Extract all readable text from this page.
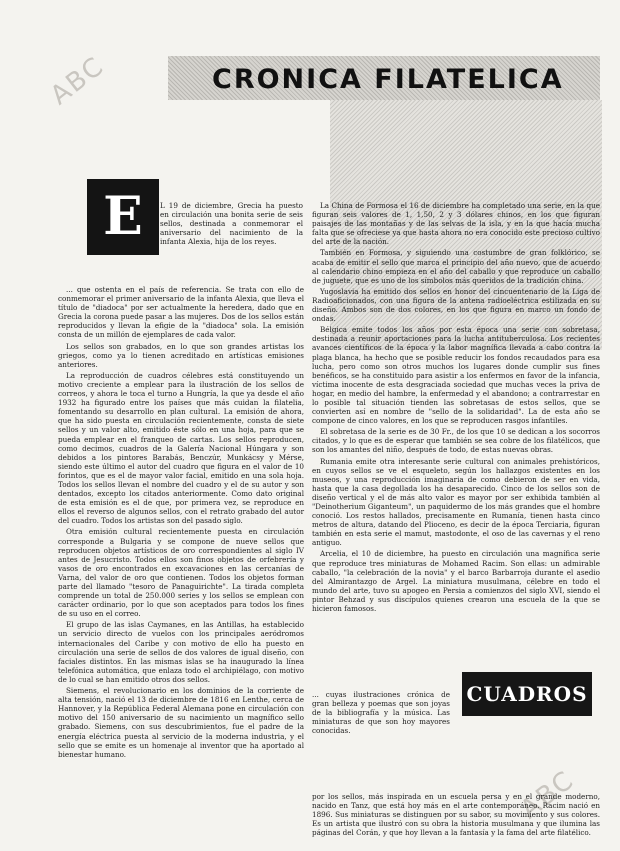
ABC
ABC
CRONICA FILATELICA
E	L 19 de diciembre, Grecia ha puesto en circulación una bonita serie de seis sellos, destinada a conmemorar el aniversario del nacimiento de la infanta Alexia, hija de los reyes.

... que ostenta en el país de referencia. Se trata con ello de conmemorar el primer aniversario de la infanta Alexia, que lleva el título de "diadoca" por ser actualmente la heredera, dado que en Grecia la corona puede pasar a las mujeres. Dos de los sellos están reproducidos y llevan la efigie de la "diadoca" sola. La emisión consta de un millón de ejemplares de cada valor.

Los sellos son grabados, en lo que son grandes artistas los griegos, como ya lo tienen acreditado en artísticas emisiones anteriores.

La reproducción de cuadros célebres está constituyendo un motivo creciente a emplear para la ilustración de los sellos de correos, y ahora le toca el turno a Hungría, la que ya desde el año 1932 ha figurado entre los países que más cuidan la filatelia, fomentando su desarrollo en plan cultural. La emisión de ahora, que ha sido puesta en circulación recientemente, consta de siete sellos y un valor alto, emitido éste sólo en una hoja, para que se pueda emplear en el franqueo de cartas. Los sellos reproducen, como decimos, cuadros de la Galería Nacional Húngara y son debidos a los pintores Barabás, Benczúr, Munkácsy y Mérse, siendo este último el autor del cuadro que figura en el valor de 10 forintos, que es el de mayor valor facial, emitido en una sola hoja. Todos los sellos llevan el nombre del cuadro y el de su autor y son dentados, excepto los citados anteriormente. Como dato original de esta emisión es el de que, por primera vez, se reproduce en ellos el reverso de algunos sellos, con el retrato grabado del autor del cuadro. Todos los artistas son del pasado siglo.

Otra emisión cultural recientemente puesta en circulación corresponde a Bulgaria y se compone de nueve sellos que reproducen objetos artísticos de oro correspondientes al siglo IV antes de Jesucristo. Todos ellos son finos objetos de orfebrería y vasos de oro encontrados en excavaciones en las cercanías de Varna, del valor de oro que contienen. Todos los objetos forman parte del llamado "tesoro de Panaguirichte". La tirada completa comprende un total de 250.000 series y los sellos se emplean con carácter ordinario, por lo que son aceptados para todos los fines de su uso en el correo.

El grupo de las islas Caymanes, en las Antillas, ha establecido un servicio directo de vuelos con los principales aeródromos internacionales del Caribe y con motivo de ello ha puesto en circulación una serie de sellos de dos valores de igual diseño, con faciales distintos. En las mismas islas se ha inaugurado la línea telefónica automática, que enlaza todo el archipiélago, con motivo de lo cual se han emitido otros dos sellos.

Siemens, el revolucionario en los dominios de la corriente de alta tensión, nació el 13 de diciembre de 1816 en Lenthe, cerca de Hannover, y la República Federal Alemana pone en circulación con motivo del 150 aniversario de su nacimiento un magnífico sello grabado. Siemens, con sus descubrimientos, fue el padre de la energía eléctrica puesta al servicio de la moderna industria, y el sello que se emite es un homenaje al inventor que ha aportado al bienestar humano.

La China de Formosa el 16 de diciembre ha completado una serie, en la que figuran seis valores de 1, 1,50, 2 y 3 dólares chinos, en los que figuran paisajes de las montañas y de las selvas de la isla, y en la que hacía mucha falta que se ofreciese ya que hasta ahora no era conocido este precioso cultivo del arte de la nación.

También en Formosa, y siguiendo una costumbre de gran folklórico, se acaba de emitir el sello que marca el principio del año nuevo, que de acuerdo al calendario chino empieza en el año del caballo y que reproduce un caballo de juguete, que es uno de los símbolos más queridos de la tradición china.

Yugoslavia ha emitido dos sellos en honor del cincuentenario de la Liga de Radioaficionados, con una figura de la antena radioeléctrica estilizada en su diseño. Ambos son de dos colores, en los que figura en marco un fondo de ondas.

Bélgica emite todos los años por esta época una serie con sobretasa, destinada a reunir aportaciones para la lucha antituberculosa. Los recientes avances científicos de la época y la labor magnífica llevada a cabo contra la plaga blanca, ha hecho que se posible reducir los fondos recaudados para esa lucha, pero como son otros muchos los lugares donde cumplir sus fines benéficos, se ha constituido para asistir a los enfermos en favor de la infancia, víctima inocente de esta desgraciada sociedad que muchas veces la priva de hogar, en medio del hambre, la enfermedad y el abandono; a contrarrestar en lo posible tal situación tienden las sobretasas de estos sellos, que se convierten así en nombre de "sello de la solidaridad". La de esta año se compone de cinco valores, en los que se reproducen rasgos infantiles.

El sobretasa de la serie es de 30 Fr., de los que 10 se dedican a los socorros citados, y lo que es de esperar que también se sea cobre de los filatélicos, que son los amantes del niño, después de todo, de estas nuevas obras.

Rumania emite otra interesante serie cultural con animales prehistóricos, en cuyos sellos se ve el esqueleto, según los hallazgos existentes en los museos, y una reproducción imaginaria de como debieron de ser en vida, hasta que la casa degollada los ha desaparecido. Cinco de los sellos son de diseño vertical y el de más alto valor es mayor por ser exhibida también al "Deinotherium Giganteum", un paquidermo de los más grandes que el hombre conoció. Los restos hallados, precisamente en Rumanía, tienen hasta cinco metros de altura, datando del Plioceno, es decir de la época Terciaria, figuran también en esta serie el mamut, mastodonte, el oso de las cavernas y el reno antiguo.

Arcelia, el 10 de diciembre, ha puesto en circulación una magnífica serie que reproduce tres miniaturas de Mohamed Racim. Son ellas: un admirable caballo, "la celebración de la novia" y el barco Barbarroja durante el asedio del Almirantazgo de Argel. La miniatura musulmana, célebre en todo el mundo del arte, tuvo su apogeo en Persia a comienzos del siglo XVI, siendo el pintor Behzad y sus discípulos quienes crearon una escuela de la que se hicieron famosos.

... cuyas ilustraciones crónica de gran belleza y poemas que son joyas de la bibliografía y la música. Las miniaturas de que son hoy mayores conocidas.

CUADROS

por los sellos, más inspirada en un escuela persa y en el grande moderno, nacido en Tanz, que está hoy más en el arte contemporáneo. Racim nació en 1896. Sus miniaturas se distinguen por su sabor, su movimiento y sus colores. Es un artista que ilustró con su obra la historia musulmana y que ilumina las páginas del Corán, y que hoy llevan a la fantasía y la fama del arte filatélico.
